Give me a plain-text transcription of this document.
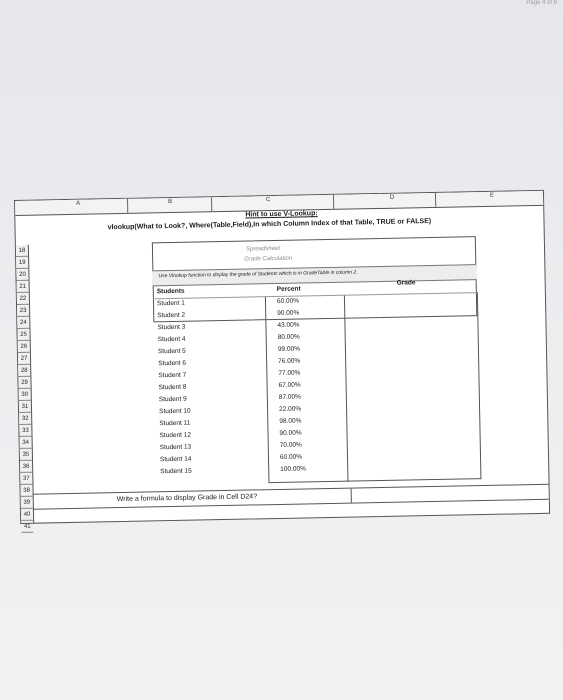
Page 4 of 6
A	B	C	D	E
Hint to use V-Lookup:
vlookup(What to Look?, Where(Table,Field),In which Column Index of that Table, TRUE or FALSE)
18
19
20
21
22
23
24
25
26
27
28
29
30
31
32
33
34
35
36
37
38
39
40
41
Spreadsheet
Grade Calculation
Use Vlookup function to display the grade of Students which is in GradeTable in column 2.
Students	Percent
Grade
Student 1	60.00%
Student 2	90.00%
Student 3	43.00%
Student 4	80.00%
Student 5	99.00%
Student 6	76.00%
Student 7	77.00%
Student 8	67.00%
Student 9	87.00%
Student 10	22.00%
Student 11	98.00%
Student 12	90.00%
Student 13	70.00%
Student 14	60.00%
Student 15	100.00%
Write a formula to display Grade in Cell D24?
